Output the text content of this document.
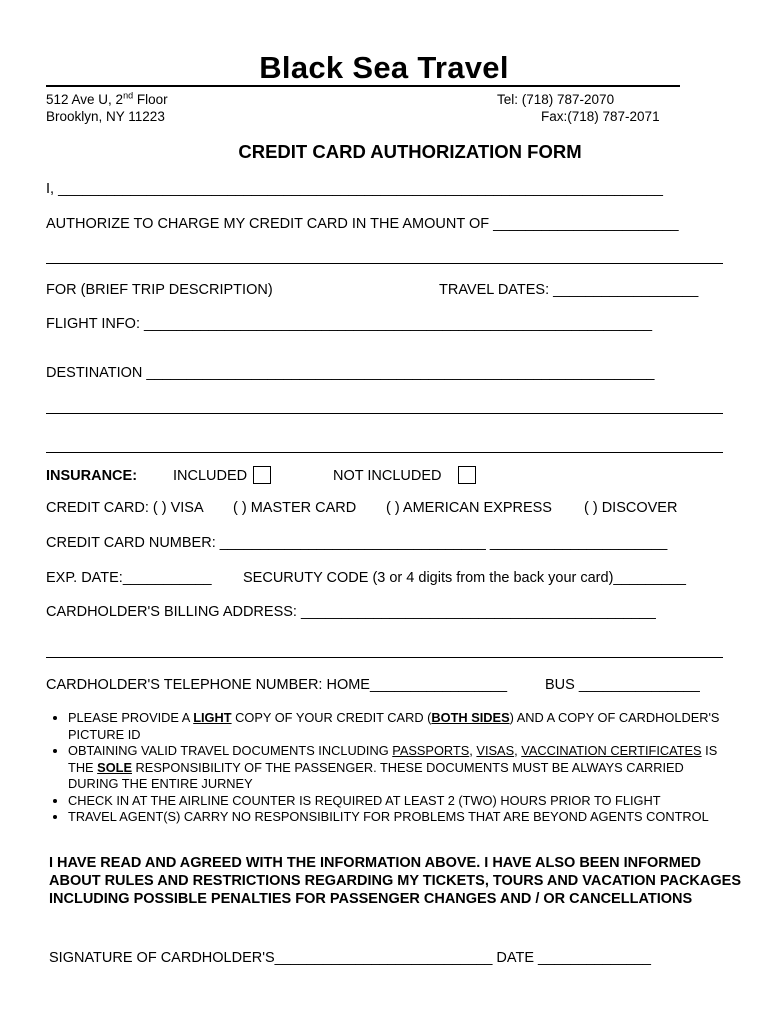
Black Sea Travel
512 Ave U, 2nd Floor
Brooklyn, NY 11223
Tel: (718) 787-2070
Fax:(718) 787-2071
CREDIT CARD AUTHORIZATION FORM
I, ___________________________________________________________________________
AUTHORIZE TO CHARGE MY CREDIT CARD IN THE AMOUNT OF _______________________
FOR (BRIEF TRIP DESCRIPTION)	TRAVEL DATES: __________________
FLIGHT INFO: _______________________________________________________________
DESTINATION _______________________________________________________________
INSURANCE: INCLUDED	NOT INCLUDED
CREDIT CARD: ( ) VISA ( ) MASTER CARD ( ) AMERICAN EXPRESS ( ) DISCOVER
CREDIT CARD NUMBER: _________________________________ ______________________
EXP. DATE:___________ SECURUTY CODE (3 or 4 digits from the back your card)_________
CARDHOLDER'S BILLING ADDRESS: ____________________________________________
CARDHOLDER'S TELEPHONE NUMBER: HOME_________________	BUS _______________
• PLEASE PROVIDE A LIGHT COPY OF YOUR CREDIT CARD (BOTH SIDES) AND A COPY OF CARDHOLDER'S PICTURE ID
• OBTAINING VALID TRAVEL DOCUMENTS INCLUDING PASSPORTS, VISAS, VACCINATION CERTIFICATES IS THE SOLE RESPONSIBILITY OF THE PASSENGER. THESE DOCUMENTS MUST BE ALWAYS CARRIED DURING THE ENTIRE JURNEY
• CHECK IN AT THE AIRLINE COUNTER IS REQUIRED AT LEAST 2 (TWO) HOURS PRIOR TO FLIGHT
• TRAVEL AGENT(S) CARRY NO RESPONSIBILITY FOR PROBLEMS THAT ARE BEYOND AGENTS CONTROL
I HAVE READ AND AGREED WITH THE INFORMATION ABOVE. I HAVE ALSO BEEN INFORMED ABOUT RULES AND RESTRICTIONS REGARDING MY TICKETS, TOURS AND VACATION PACKAGES INCLUDING POSSIBLE PENALTIES FOR PASSENGER CHANGES AND / OR CANCELLATIONS
SIGNATURE OF CARDHOLDER'S___________________________ DATE ______________
